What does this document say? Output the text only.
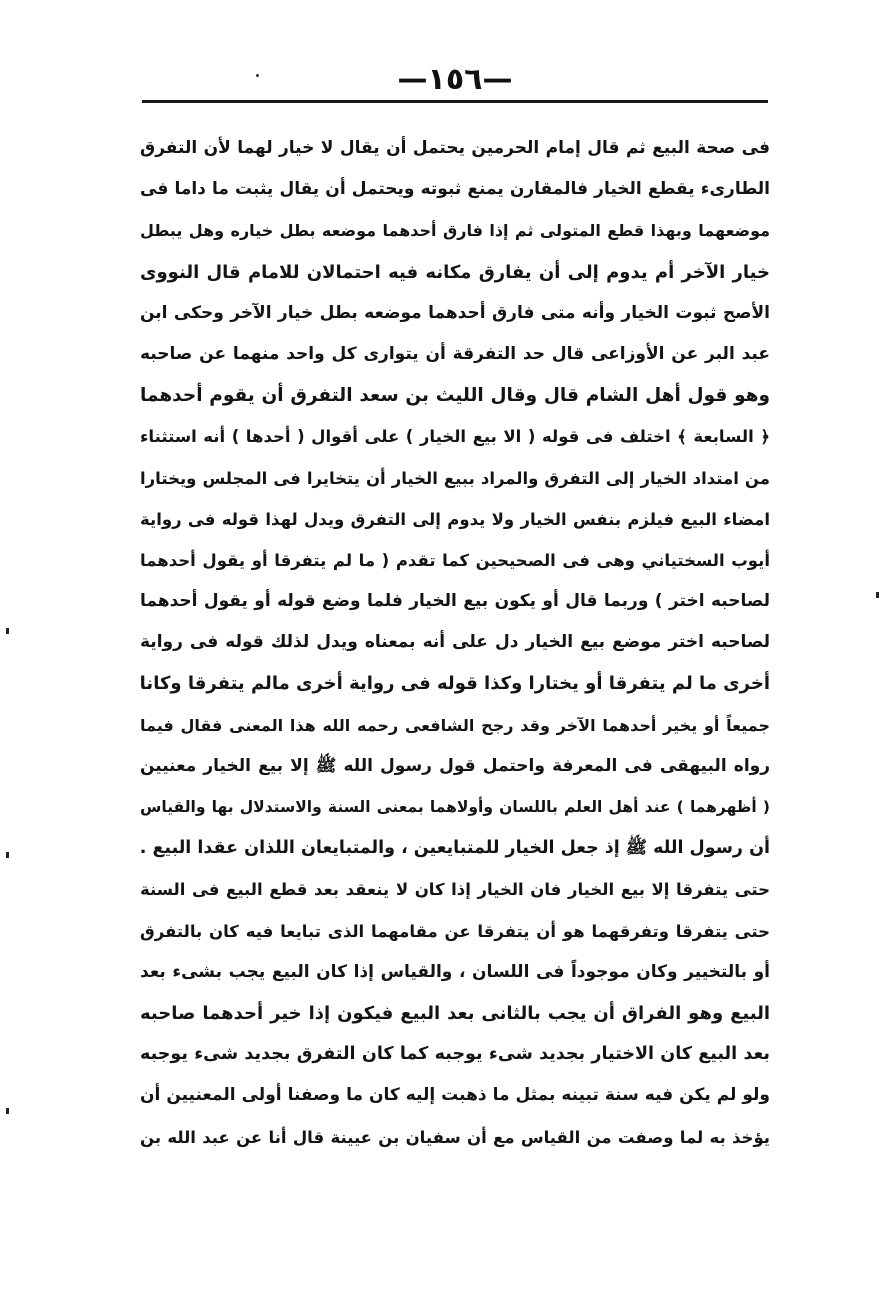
—١٥٦—
فى صحة البيع ثم قال إمام الحرمين يحتمل أن يقال لا خيار لهما لأن التفرق
الطارىء يقطع الخيار فالمقارن يمنع ثبوته ويحتمل أن يقال يثبت ما داما فى
موضعهما وبهذا قطع المتولى ثم إذا فارق أحدهما موضعه بطل خياره وهل يبطل
خيار الآخر أم يدوم إلى أن يفارق مكانه فيه احتمالان للامام قال النووى
الأصح ثبوت الخيار وأنه متى فارق أحدهما موضعه بطل خيار الآخر وحكى ابن
عبد البر عن الأوزاعى قال حد التفرقة أن يتوارى كل واحد منهما عن صاحبه
وهو قول أهل الشام قال وقال الليث بن سعد التفرق أن يقوم أحدهما
﴿ السابعة ﴾ اختلف فى قوله ( الا بيع الخيار ) على أقوال ( أحدها ) أنه استثناء
من امتداد الخيار إلى التفرق والمراد ببيع الخيار أن يتخايرا فى المجلس ويختارا
امضاء البيع فيلزم بنفس الخيار ولا يدوم إلى التفرق ويدل لهذا قوله فى رواية
أيوب السختياني وهى فى الصحيحين كما تقدم ( ما لم يتفرقا أو يقول أحدهما
لصاحبه اختر ) وربما قال أو يكون بيع الخيار فلما وضع قوله أو يقول أحدهما
لصاحبه اختر موضع بيع الخيار دل على أنه بمعناه ويدل لذلك قوله فى رواية
أخرى ما لم يتفرقا أو يختارا وكذا قوله فى رواية أخرى مالم يتفرقا وكانا
جميعاً أو يخير أحدهما الآخر وقد رجح الشافعى رحمه الله هذا المعنى فقال فيما
رواه البيهقى فى المعرفة واحتمل قول رسول الله ﷺ إلا بيع الخيار معنيين
( أظهرهما ) عند أهل العلم باللسان وأولاهما بمعنى السنة والاستدلال بها والقياس
أن رسول الله ﷺ إذ جعل الخيار للمتبايعين ، والمتبايعان اللذان عقدا البيع .
حتى يتفرقا إلا بيع الخيار فان الخيار إذا كان لا ينعقد بعد قطع البيع فى السنة
حتى يتفرقا وتفرقهما هو أن يتفرقا عن مقامهما الذى تبايعا فيه كان بالتفرق
أو بالتخيير وكان موجوداً فى اللسان ، والقياس إذا كان البيع يجب بشىء بعد
البيع وهو الفراق أن يجب بالثانى بعد البيع فيكون إذا خير أحدهما صاحبه
بعد البيع كان الاختيار بجديد شىء يوجبه كما كان التفرق بجديد شىء يوجبه
ولو لم يكن فيه سنة تبينه بمثل ما ذهبت إليه كان ما وصفنا أولى المعنيين أن
يؤخذ به لما وصفت من القياس مع أن سفيان بن عيينة قال أنا عن عبد الله بن
